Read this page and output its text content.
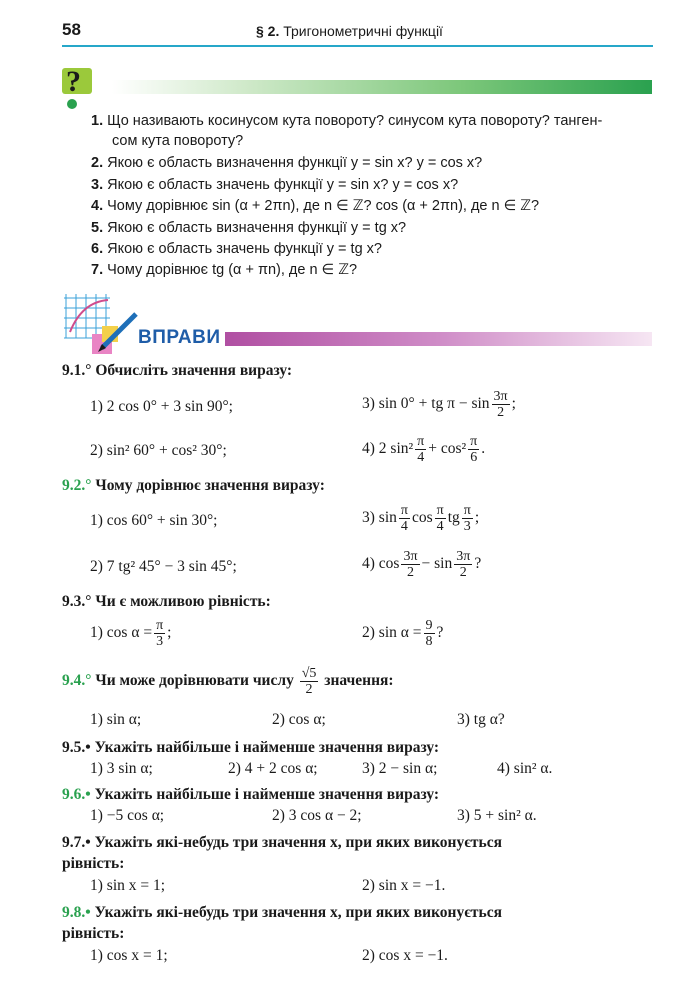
58	§ 2. Тригонометричні функції
?
1. Що називають косинусом кута повороту? синусом кута повороту? танген-
сом кута повороту?
2. Якою є область визначення функції y = sin x? y = cos x?
3. Якою є область значень функції y = sin x? y = cos x?
4. Чому дорівнює sin (α + 2πn), де n ∈ ℤ? cos (α + 2πn), де n ∈ ℤ?
5. Якою є область визначення функції y = tg x?
6. Якою є область значень функції y = tg x?
7. Чому дорівнює tg (α + πn), де n ∈ ℤ?
ВПРАВИ
9.1.° Обчисліть значення виразу:
1) 2 cos 0° + 3 sin 90°;	3) sin 0° + tg $\pi - \sin \frac{3\pi}{2}$ ;
2) sin² 60° + cos² 30°;	4) 2 $\sin^2 \frac{\pi}{4} + \cos^2 \frac{\pi}{6}$ .
9.2.° Чому дорівнює значення виразу:
1) cos 60° + sin 30°;	3) $\sin \frac{\pi}{4}$ $\cos \frac{\pi}{4}$ tg $\frac{\pi}{3}$ ;
2) 7 tg² 45° − 3 sin 45°;	4) $\cos \frac{3\pi}{2} - \sin \frac{3\pi}{2}$ ?
9.3.° Чи є можливою рівність:
1) $\cos \alpha = \frac{\pi}{3}$ ;	2) $\sin \alpha = \frac{9}{8}$ ?
9.4.° Чи може дорівнювати числу $\frac{√5}{2}$ значення:
1) sin α;	2) cos α;	3) tg α?
9.5.• Укажіть найбільше і найменше значення виразу:
1) 3 sin α;	2) 4 + 2 cos α;	3) 2 − sin α;	4) sin² α.
9.6.• Укажіть найбільше і найменше значення виразу:
1) −5 cos α;	2) 3 cos α − 2;	3) 5 + sin² α.
9.7.• Укажіть які-небудь три значення x, при яких виконується
рівність:
1) sin x = 1;	2) sin x = −1.
9.8.• Укажіть які-небудь три значення x, при яких виконується
рівність:
1) cos x = 1;	2) cos x = −1.
